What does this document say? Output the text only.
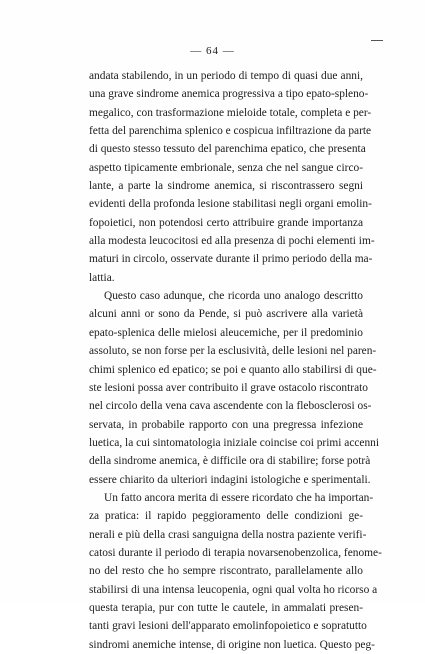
— 64 —
andata stabilendo, in un periodo di tempo di quasi due anni,
una grave sindrome anemica progressiva a tipo epato-spleno-
megalico, con trasformazione mieloide totale, completa e per-
fetta del parenchima splenico e cospicua infiltrazione da parte
di questo stesso tessuto del parenchima epatico, che presenta
aspetto tipicamente embrionale, senza che nel sangue circo-
lante, a parte la sindrome anemica, si riscontrassero segni
evidenti della profonda lesione stabilitasi negli organi emolin-
fopoietici, non potendosi certo attribuire grande importanza
alla modesta leucocitosi ed alla presenza di pochi elementi im-
maturi in circolo, osservate durante il primo periodo della ma-
lattia.
Questo caso adunque, che ricorda uno analogo descritto
alcuni anni or sono da Pende, si può ascrivere alla varietà
epato-splenica delle mielosi aleucemiche, per il predominio
assoluto, se non forse per la esclusività, delle lesioni nel paren-
chimi splenico ed epatico; se poi e quanto allo stabilirsi di que-
ste lesioni possa aver contribuito il grave ostacolo riscontrato
nel circolo della vena cava ascendente con la flebosclerosi os-
servata, in probabile rapporto con una pregressa infezione
luetica, la cui sintomatologia iniziale coincise coi primi accenni
della sindrome anemica, è difficile ora di stabilire; forse potrà
essere chiarito da ulteriori indagini istologiche e sperimentali.
Un fatto ancora merita di essere ricordato che ha importan-
za pratica: il rapido peggioramento delle condizioni ge-
nerali e più della crasi sanguigna della nostra paziente verifi-
catosi durante il periodo di terapia novarsenobenzolica, fenome-
no del resto che ho sempre riscontrato, parallelamente allo
stabilirsi di una intensa leucopenia, ogni qual volta ho ricorso a
questa terapia, pur con tutte le cautele, in ammalati presen-
tanti gravi lesioni dell'apparato emolinfopoietico e sopratutto
sindromi anemiche intense, di origine non luetica. Questo peg-
